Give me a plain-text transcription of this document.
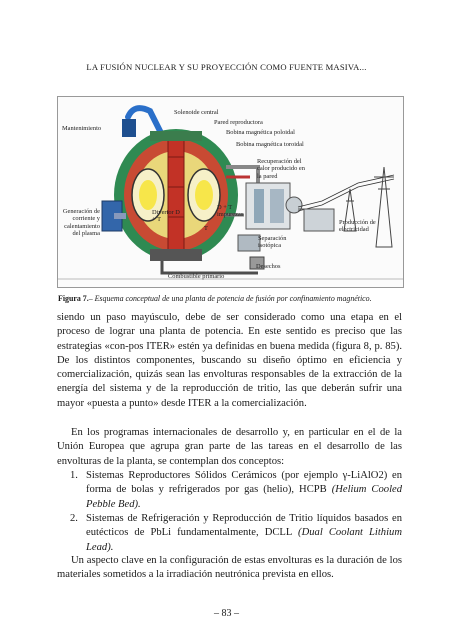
LA FUSIÓN NUCLEAR Y SU PROYECCIÓN COMO FUENTE MASIVA...
Solenoide central
Mantenimiento
Pared reproductora
Bobina magnética poloidal
Bobina magnética toroidal
Recuperación del calor producido en la pared
Generación de corriente y calentamiento del plasma
Divertor D + T
D + T impurezas
T
Separación isotópica
Producción de electricidad
Desechos
Combustible primario
Figura 7.– Esquema conceptual de una planta de potencia de fusión por confinamiento magnético.
siendo un paso mayúsculo, debe de ser considerado como una etapa en el proceso de lograr una planta de potencia. En este sentido es preciso que las estrategias «con-pos ITER» estén ya definidas en buena medida (figura 8, p. 85). De los distintos componentes, buscando su diseño óptimo en eficiencia y comercialización, quizás sean las envolturas responsables de la extracción de la energía del sistema y de la reproducción de tritio, las que deberán sufrir una mayor «puesta a punto» desde ITER a la comercialización.
En los programas internacionales de desarrollo y, en particular en el de la Unión Europea que agrupa gran parte de las tareas en el desarrollo de las envolturas de la planta, se contemplan dos conceptos:
1. Sistemas Reproductores Sólidos Cerámicos (por ejemplo γ-LiAlO2) en forma de bolas y refrigerados por gas (helio), HCPB (Helium Cooled Pebble Bed).
2. Sistemas de Refrigeración y Reproducción de Tritio líquidos basados en eutécticos de PbLi fundamentalmente, DCLL (Dual Coolant Lithium Lead).
Un aspecto clave en la configuración de estas envolturas es la duración de los materiales sometidos a la irradiación neutrónica prevista en ellos.
– 83 –
